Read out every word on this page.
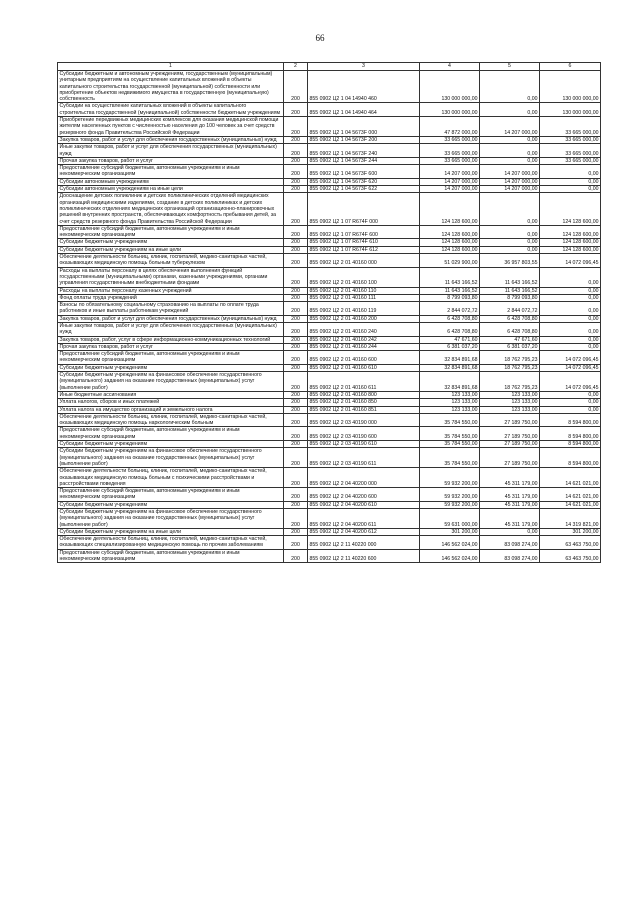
66
1	2	3	4	5	6
Субсидии бюджетным и автономным учреждениям, государственным (муниципальным) унитарным предприятиям на осуществление капитальных вложений в объекты капитального строительства государственной (муниципальной) собственности или приобретение объектов недвижимого имущества в государственную (муниципальную) собственность	200	855 0902 Ц2 1 04 14940 460	130 000 000,00	0,00	130 000 000,00
Субсидии на осуществление капитальных вложений в объекты капитального строительства государственной (муниципальной) собственности бюджетным учреждениям	200	855 0902 Ц2 1 04 14940 464	130 000 000,00	0,00	130 000 000,00
Приобретение передвижных медицинских комплексов для оказания медицинской помощи жителям населенных пунктов с численностью населения до 100 человек за счет средств резервного фонда Правительства Российской Федерации	200	855 0902 Ц2 1 04 5673F 000	47 872 000,00	14 207 000,00	33 665 000,00
Закупка товаров, работ и услуг для обеспечения государственных (муниципальных) нужд	200	855 0902 Ц2 1 04 5673F 200	33 665 000,00	0,00	33 665 000,00
Иные закупки товаров, работ и услуг для обеспечения государственных (муниципальных) нужд	200	855 0902 Ц2 1 04 5673F 240	33 665 000,00	0,00	33 665 000,00
Прочая закупка товаров, работ и услуг	200	855 0902 Ц2 1 04 5673F 244	33 665 000,00	0,00	33 665 000,00
Предоставление субсидий бюджетным, автономным учреждениям и иным некоммерческим организациям	200	855 0902 Ц2 1 04 5673F 600	14 207 000,00	14 207 000,00	0,00
Субсидии автономным учреждениям	200	855 0902 Ц2 1 04 5673F 620	14 207 000,00	14 207 000,00	0,00
Субсидии автономным учреждениям на иные цели	200	855 0902 Ц2 1 04 5673F 622	14 207 000,00	14 207 000,00	0,00
Дооснащение детских поликлиник и детских поликлинических отделений медицинских организаций медицинскими изделиями, создание в детских поликлиниках и детских поликлинических отделениях медицинских организаций организационно-планировочных решений внутренних пространств, обеспечивающих комфортность пребывания детей, за счет средств резервного фонда Правительства Российской Федерации	200	855 0902 Ц2 1 07 R674F 000	124 128 600,00	0,00	124 128 600,00
Предоставление субсидий бюджетным, автономным учреждениям и иным некоммерческим организациям	200	855 0902 Ц2 1 07 R674F 600	124 128 600,00	0,00	124 128 600,00
Субсидии бюджетным учреждениям	200	855 0902 Ц2 1 07 R674F 610	124 128 600,00	0,00	124 128 600,00
Субсидии бюджетным учреждениям на иные цели	200	855 0902 Ц2 1 07 R674F 612	124 128 600,00	0,00	124 128 600,00
Обеспечение деятельности больниц, клиник, госпиталей, медико-санитарных частей, оказывающих медицинскую помощь больным туберкулезом	200	855 0902 Ц2 2 01 40160 000	51 029 900,00	36 957 803,55	14 072 096,45
Расходы на выплаты персоналу в целях обеспечения выполнения функций государственными (муниципальными) органами, казенными учреждениями, органами управления государственными внебюджетными фондами	200	855 0902 Ц2 2 01 40160 100	11 643 166,52	11 643 166,52	0,00
Расходы на выплаты персоналу казенных учреждений	200	855 0902 Ц2 2 01 40160 110	11 643 166,52	11 643 166,52	0,00
Фонд оплаты труда учреждений	200	855 0902 Ц2 2 01 40160 111	8 799 093,80	8 799 093,80	0,00
Взносы по обязательному социальному страхованию на выплаты по оплате труда работников и иные выплаты работникам учреждений	200	855 0902 Ц2 2 01 40160 119	2 844 072,72	2 844 072,72	0,00
Закупка товаров, работ и услуг для обеспечения государственных (муниципальных) нужд	200	855 0902 Ц2 2 01 40160 200	6 428 708,80	6 428 708,80	0,00
Иные закупки товаров, работ и услуг для обеспечения государственных (муниципальных) нужд	200	855 0902 Ц2 2 01 40160 240	6 428 708,80	6 428 708,80	0,00
Закупка товаров, работ, услуг в сфере информационно-коммуникационных технологий	200	855 0902 Ц2 2 01 40160 242	47 671,60	47 671,60	0,00
Прочая закупка товаров, работ и услуг	200	855 0902 Ц2 2 01 40160 244	6 381 037,20	6 381 037,20	0,00
Предоставление субсидий бюджетным, автономным учреждениям и иным некоммерческим организациям	200	855 0902 Ц2 2 01 40160 600	32 834 891,68	18 762 795,23	14 072 096,45
Субсидии бюджетным учреждениям	200	855 0902 Ц2 2 01 40160 610	32 834 891,68	18 762 795,23	14 072 096,45
Субсидии бюджетным учреждениям на финансовое обеспечение государственного (муниципального) задания на оказание государственных (муниципальных) услуг (выполнение работ)	200	855 0902 Ц2 2 01 40160 611	32 834 891,68	18 762 795,23	14 072 096,45
Иные бюджетные ассигнования	200	855 0902 Ц2 2 01 40160 800	123 133,00	123 133,00	0,00
Уплата налогов, сборов и иных платежей	200	855 0902 Ц2 2 01 40160 850	123 133,00	123 133,00	0,00
Уплата налога на имущество организаций и земельного налога	200	855 0902 Ц2 2 01 40160 851	123 133,00	123 133,00	0,00
Обеспечение деятельности больниц, клиник, госпиталей, медико-санитарных частей, оказывающих медицинскую помощь наркологическим больным	200	855 0902 Ц2 2 03 40190 000	35 784 550,00	27 189 750,00	8 594 800,00
Предоставление субсидий бюджетным, автономным учреждениям и иным некоммерческим организациям	200	855 0902 Ц2 2 03 40190 600	35 784 550,00	27 189 750,00	8 594 800,00
Субсидии бюджетным учреждениям	200	855 0902 Ц2 2 03 40190 610	35 784 550,00	27 189 750,00	8 594 800,00
Субсидии бюджетным учреждениям на финансовое обеспечение государственного (муниципального) задания на оказание государственных (муниципальных) услуг (выполнение работ)	200	855 0902 Ц2 2 03 40190 611	35 784 550,00	27 189 750,00	8 594 800,00
Обеспечение деятельности больниц, клиник, госпиталей, медико-санитарных частей, оказывающих медицинскую помощь больным с психическими расстройствами и расстройствами поведения	200	855 0902 Ц2 2 04 40200 000	59 932 200,00	45 311 179,00	14 621 021,00
Предоставление субсидий бюджетным, автономным учреждениям и иным некоммерческим организациям	200	855 0902 Ц2 2 04 40200 600	59 932 200,00	45 311 179,00	14 621 021,00
Субсидии бюджетным учреждениям	200	855 0902 Ц2 2 04 40200 610	59 932 200,00	45 311 179,00	14 621 021,00
Субсидии бюджетным учреждениям на финансовое обеспечение государственного (муниципального) задания на оказание государственных (муниципальных) услуг (выполнение работ)	200	855 0902 Ц2 2 04 40200 611	59 631 000,00	45 311 179,00	14 319 821,00
Субсидии бюджетным учреждениям на иные цели	200	855 0902 Ц2 2 04 40200 612	301 200,00	0,00	301 200,00
Обеспечение деятельности больниц, клиник, госпиталей, медико-санитарных частей, оказывающих специализированную медицинскую помощь по прочим заболеваниям	200	855 0902 Ц2 2 11 40220 000	146 562 024,00	83 098 274,00	63 463 750,00
Предоставление субсидий бюджетным, автономным учреждениям и иным некоммерческим организациям	200	855 0902 Ц2 2 11 40220 600	146 562 024,00	83 098 274,00	63 463 750,00
